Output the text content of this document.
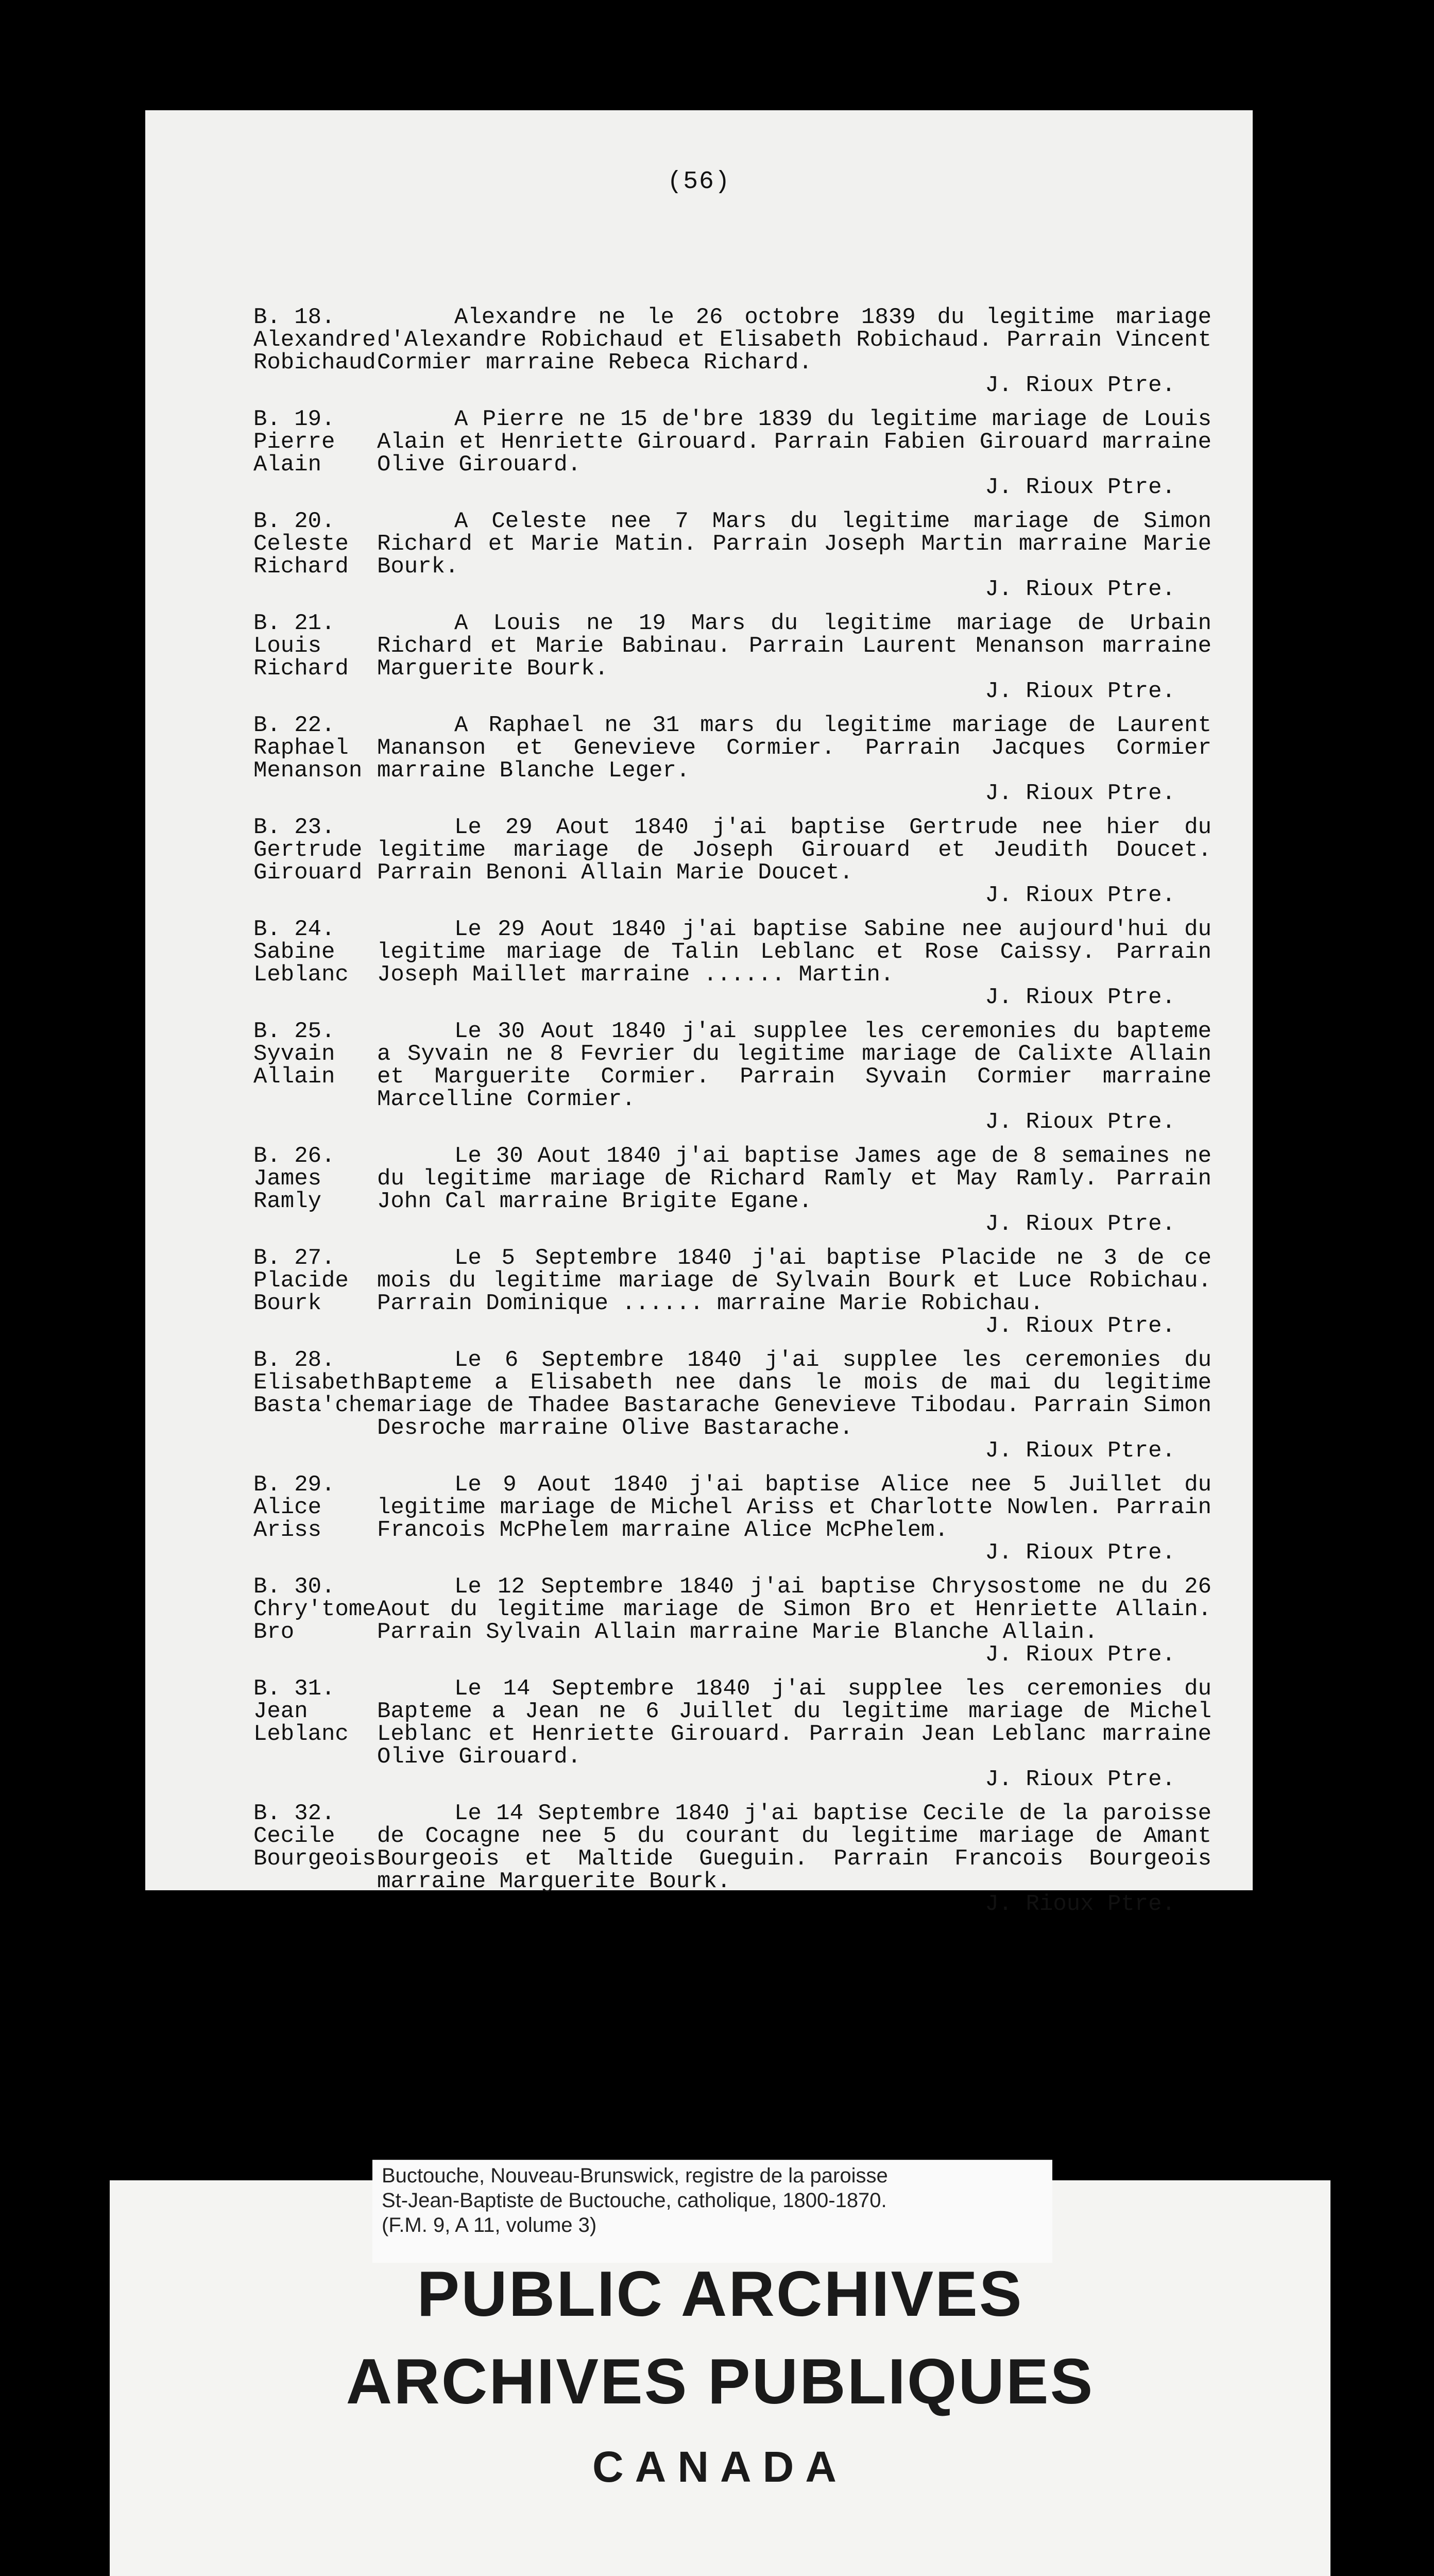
(56)
B. 18.
Alexandre
Robichaud
Alexandre ne le 26 octobre 1839 du legitime mariage d'Alexandre Robichaud et Elisabeth Robichaud. Parrain Vincent Cormier marraine Rebeca Richard.
J. Rioux Ptre.
B. 19.
Pierre
Alain
A Pierre ne 15 de'bre 1839 du legitime mariage de Louis Alain et Henriette Girouard. Parrain Fabien Girouard marraine Olive Girouard.
J. Rioux Ptre.
B. 20.
Celeste
Richard
A Celeste nee 7 Mars du legitime mariage de Simon Richard et Marie Matin. Parrain Joseph Martin marraine Marie Bourk.
J. Rioux Ptre.
B. 21.
Louis
Richard
A Louis ne 19 Mars du legitime mariage de Urbain Richard et Marie Babinau. Parrain Laurent Menanson marraine Marguerite Bourk.
J. Rioux Ptre.
B. 22.
Raphael
Menanson
A Raphael ne 31 mars du legitime mariage de Laurent Mananson et Genevieve Cormier. Parrain Jacques Cormier marraine Blanche Leger.
J. Rioux Ptre.
B. 23.
Gertrude
Girouard
Le 29 Aout 1840 j'ai baptise Gertrude nee hier du legitime mariage de Joseph Girouard et Jeudith Doucet. Parrain Benoni Allain Marie Doucet.
J. Rioux Ptre.
B. 24.
Sabine
Leblanc
Le 29 Aout 1840 j'ai baptise Sabine nee aujourd'hui du legitime mariage de Talin Leblanc et Rose Caissy. Parrain Joseph Maillet marraine ...... Martin.
J. Rioux Ptre.
B. 25.
Syvain
Allain
Le 30 Aout 1840 j'ai supplee les ceremonies du bapteme a Syvain ne 8 Fevrier du legitime mariage de Calixte Allain et Marguerite Cormier. Parrain Syvain Cormier marraine Marcelline Cormier.
J. Rioux Ptre.
B. 26.
James
Ramly
Le 30 Aout 1840 j'ai baptise James age de 8 semaines ne du legitime mariage de Richard Ramly et May Ramly. Parrain John Cal marraine Brigite Egane.
J. Rioux Ptre.
B. 27.
Placide
Bourk
Le 5 Septembre 1840 j'ai baptise Placide ne 3 de ce mois du legitime mariage de Sylvain Bourk et Luce Robichau. Parrain Dominique ...... marraine Marie Robichau.
J. Rioux Ptre.
B. 28.
Elisabeth
Basta'che
Le 6 Septembre 1840 j'ai supplee les ceremonies du Bapteme a Elisabeth nee dans le mois de mai du legitime mariage de Thadee Bastarache Genevieve Tibodau. Parrain Simon Desroche marraine Olive Bastarache.
J. Rioux Ptre.
B. 29.
Alice
Ariss
Le 9 Aout 1840 j'ai baptise Alice nee 5 Juillet du legitime mariage de Michel Ariss et Charlotte Nowlen. Parrain Francois McPhelem marraine Alice McPhelem.
J. Rioux Ptre.
B. 30.
Chry'tome
Bro
Le 12 Septembre 1840 j'ai baptise Chrysostome ne du 26 Aout du legitime mariage de Simon Bro et Henriette Allain. Parrain Sylvain Allain marraine Marie Blanche Allain.
J. Rioux Ptre.
B. 31.
Jean
Leblanc
Le 14 Septembre 1840 j'ai supplee les ceremonies du Bapteme a Jean ne 6 Juillet du legitime mariage de Michel Leblanc et Henriette Girouard. Parrain Jean Leblanc marraine Olive Girouard.
J. Rioux Ptre.
B. 32.
Cecile
Bourgeois
Le 14 Septembre 1840 j'ai baptise Cecile de la paroisse de Cocagne nee 5 du courant du legitime mariage de Amant Bourgeois et Maltide Gueguin. Parrain Francois Bourgeois marraine Marguerite Bourk.
J. Rioux Ptre.
Buctouche, Nouveau-Brunswick, registre de la paroisse
St-Jean-Baptiste de Buctouche, catholique, 1800-1870.
(F.M. 9, A 11, volume 3)
PUBLIC ARCHIVES
ARCHIVES PUBLIQUES
CANADA
